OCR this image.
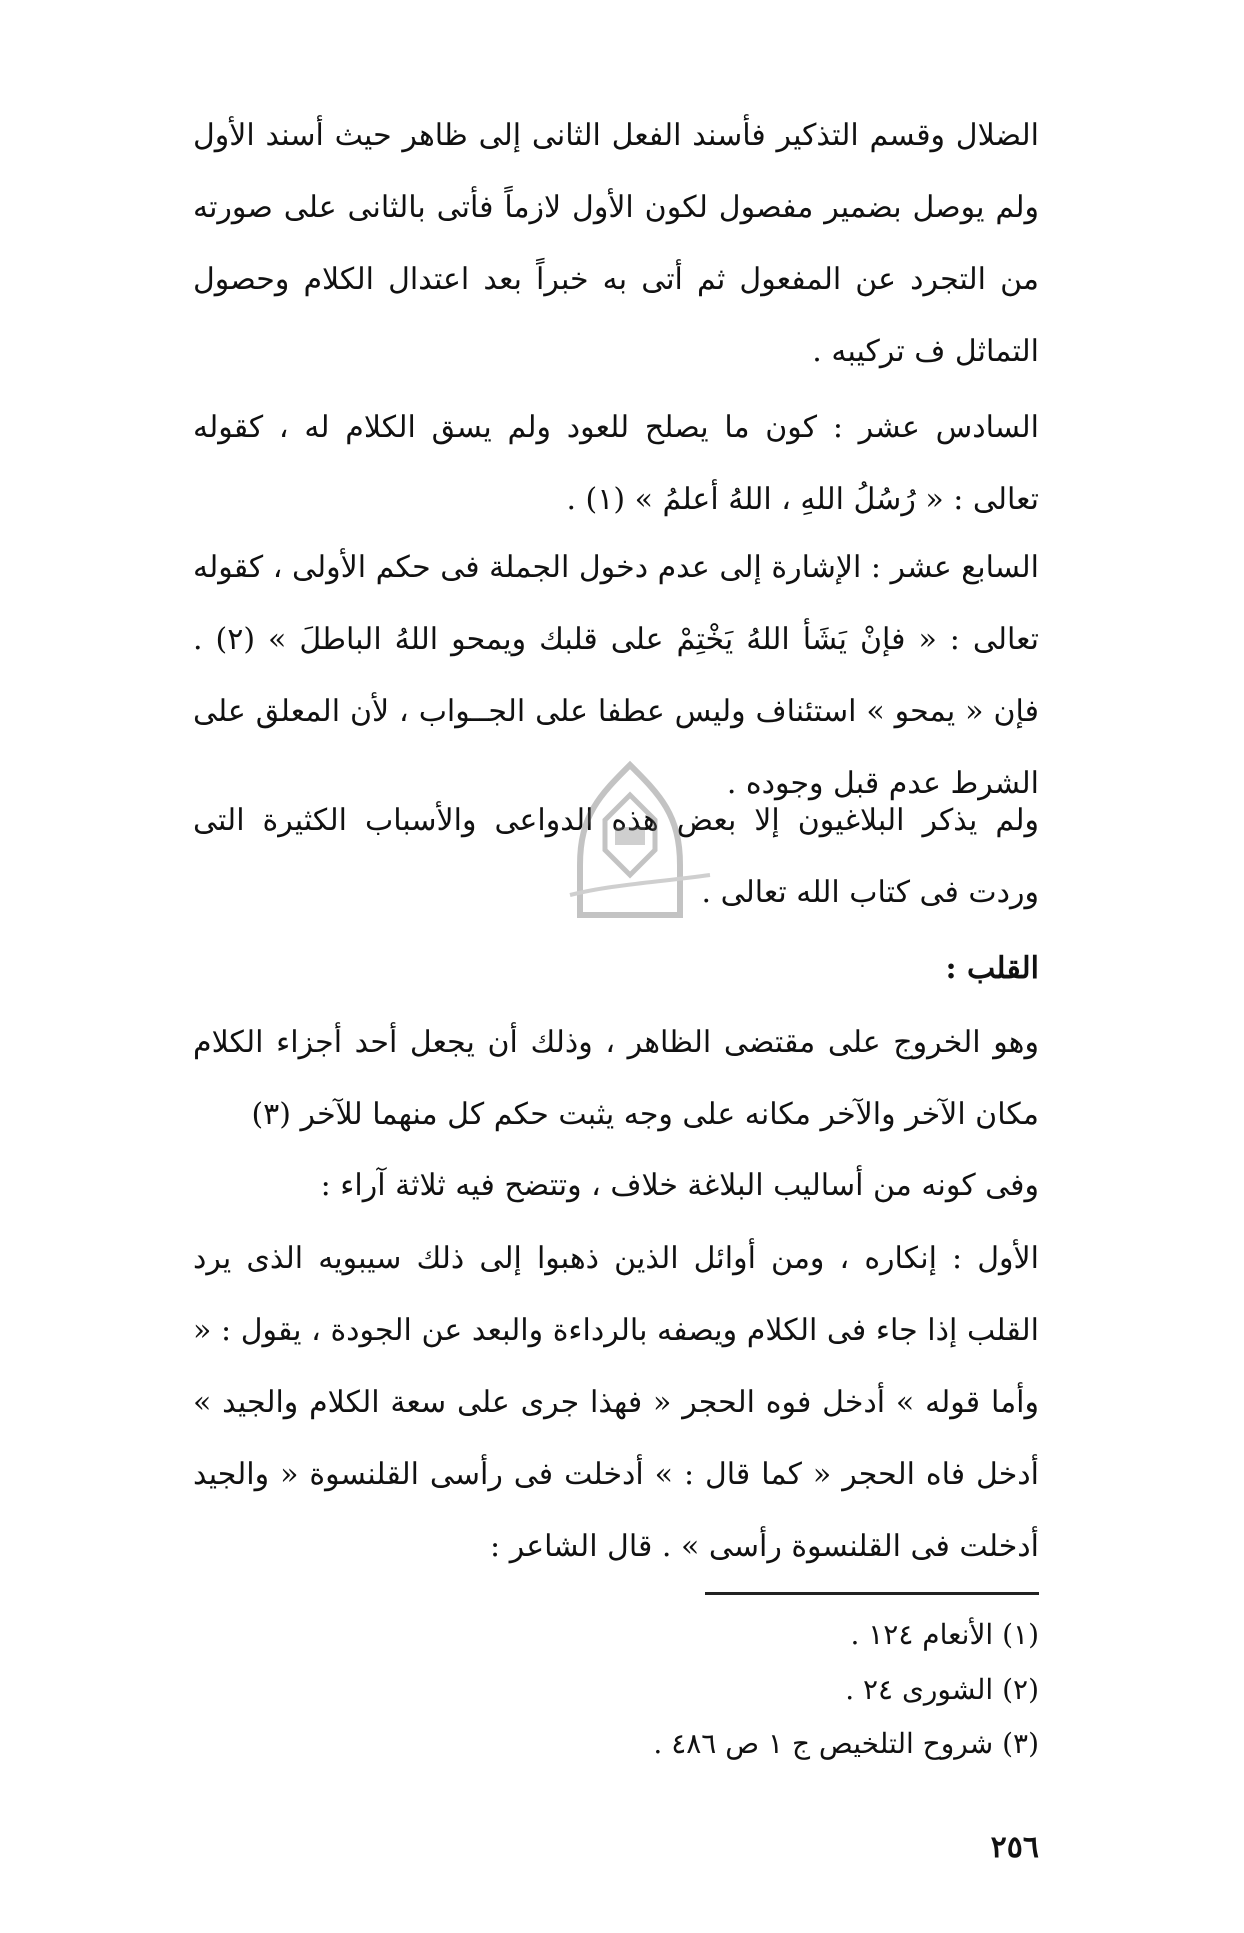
الضلال وقسم التذكير فأسند الفعل الثانى إلى ظاهر حيث أسند الأول ولم يوصل بضمير مفصول لكون الأول لازماً فأتى بالثانى على صورته من التجرد عن المفعول ثم أتى به خبراً بعد اعتدال الكلام وحصول التماثل ف تركيبه .

السادس عشر : كون ما يصلح للعود ولم يسق الكلام له ، كقوله تعالى : « رُسُلُ اللهِ ، اللهُ أعلمُ » (١) .

السابع عشر : الإشارة إلى عدم دخول الجملة فى حكم الأولى ، كقوله تعالى : « فإنْ يَشَأ اللهُ يَخْتِمْ على قلبك ويمحو اللهُ الباطلَ » (٢) . فإن « يمحو » استئناف وليس عطفا على الجــواب ، لأن المعلق على الشرط عدم قبل وجوده .

ولم يذكر البلاغيون إلا بعض هذه الدواعى والأسباب الكثيرة التى وردت فى كتاب الله تعالى .

القلب :

وهو الخروج على مقتضى الظاهر ، وذلك أن يجعل أحد أجزاء الكلام مكان الآخر والآخر مكانه على وجه يثبت حكم كل منهما للآخر (٣)

وفى كونه من أساليب البلاغة خلاف ، وتتضح فيه ثلاثة آراء :

الأول : إنكاره ، ومن أوائل الذين ذهبوا إلى ذلك سيبويه الذى يرد القلب إذا جاء فى الكلام ويصفه بالرداءة والبعد عن الجودة ، يقول : « وأما قوله » أدخل فوه الحجر « فهذا جرى على سعة الكلام والجيد » أدخل فاه الحجر « كما قال : » أدخلت فى رأسى القلنسوة « والجيد أدخلت فى القلنسوة رأسى » . قال الشاعر :

(١) الأنعام ١٢٤ .
(٢) الشورى ٢٤ .
(٣) شروح التلخيص ج ١ ص ٤٨٦ .
٢٥٦
